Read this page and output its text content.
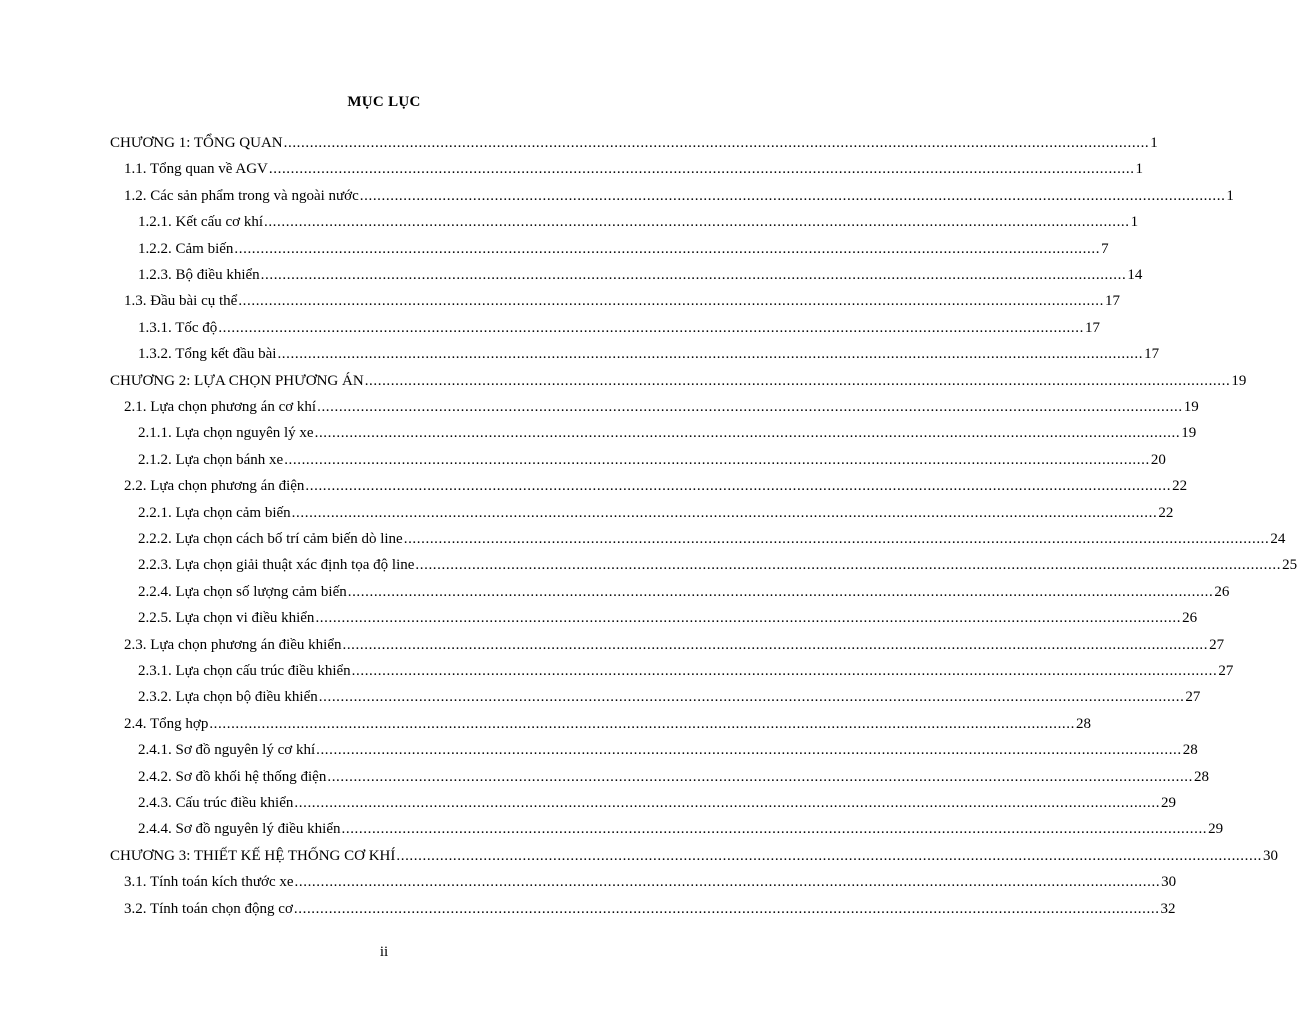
MỤC LỤC
CHƯƠNG 1: TỔNG QUAN ....................................................................................................................................................................................................... 1
1.1. Tổng quan về AGV ....................................................................................................................................................................................................... 1
1.2. Các sản phẩm trong và ngoài nước ....................................................................................................................................................................................................... 1
1.2.1. Kết cấu cơ khí ....................................................................................................................................................................................................... 1
1.2.2. Cảm biến ....................................................................................................................................................................................................... 7
1.2.3. Bộ điều khiển ....................................................................................................................................................................................................... 14
1.3. Đầu bài cụ thể ....................................................................................................................................................................................................... 17
1.3.1. Tốc độ ....................................................................................................................................................................................................... 17
1.3.2. Tổng kết đầu bài ....................................................................................................................................................................................................... 17
CHƯƠNG 2: LỰA CHỌN PHƯƠNG ÁN ....................................................................................................................................................................................................... 19
2.1. Lựa chọn phương án cơ khí ....................................................................................................................................................................................................... 19
2.1.1. Lựa chọn nguyên lý xe ....................................................................................................................................................................................................... 19
2.1.2. Lựa chọn bánh xe ....................................................................................................................................................................................................... 20
2.2. Lựa chọn phương án điện ....................................................................................................................................................................................................... 22
2.2.1. Lựa chọn cảm biến ....................................................................................................................................................................................................... 22
2.2.2. Lựa chọn cách bố trí cảm biến dò line ....................................................................................................................................................................................................... 24
2.2.3. Lựa chọn giải thuật xác định tọa độ line ....................................................................................................................................................................................................... 25
2.2.4. Lựa chọn số lượng cảm biến ....................................................................................................................................................................................................... 26
2.2.5. Lựa chọn vi điều khiển ....................................................................................................................................................................................................... 26
2.3. Lựa chọn phương án điều khiển ....................................................................................................................................................................................................... 27
2.3.1. Lựa chọn cấu trúc điều khiển ....................................................................................................................................................................................................... 27
2.3.2. Lựa chọn bộ điều khiển ....................................................................................................................................................................................................... 27
2.4. Tổng hợp ....................................................................................................................................................................................................... 28
2.4.1. Sơ đồ nguyên lý cơ khí ....................................................................................................................................................................................................... 28
2.4.2. Sơ đồ khối hệ thống điện ....................................................................................................................................................................................................... 28
2.4.3. Cấu trúc điều khiển ....................................................................................................................................................................................................... 29
2.4.4. Sơ đồ nguyên lý điều khiển ....................................................................................................................................................................................................... 29
CHƯƠNG 3: THIẾT KẾ HỆ THỐNG CƠ KHÍ ....................................................................................................................................................................................................... 30
3.1. Tính toán kích thước xe ....................................................................................................................................................................................................... 30
3.2. Tính toán chọn động cơ ....................................................................................................................................................................................................... 32
ii
